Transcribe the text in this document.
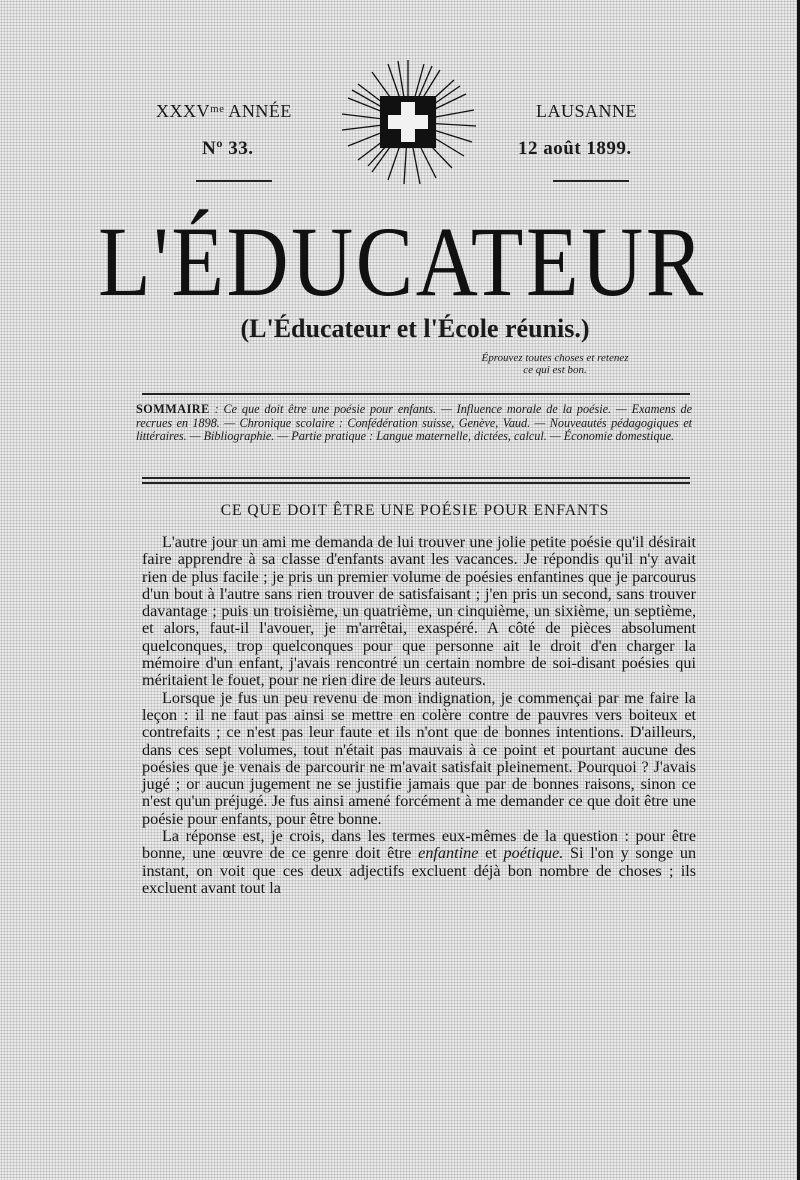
XXXVᵐᵉ ANNÉE
Nº 33.
LAUSANNE
12 août 1899.
L'ÉDUCATEUR
(L'Éducateur et l'École réunis.)
Éprouvez toutes choses et retenez
ce qui est bon.
SOMMAIRE : Ce que doit être une poésie pour enfants. — Influence morale de la poésie. — Examens de recrues en 1898. — Chronique scolaire : Confédération suisse, Genève, Vaud. — Nouveautés pédagogiques et littéraires. — Bibliographie. — Partie pratique : Langue maternelle, dictées, calcul. — Économie domestique.
CE QUE DOIT ÊTRE UNE POÉSIE POUR ENFANTS

L'autre jour un ami me demanda de lui trouver une jolie petite poésie qu'il désirait faire apprendre à sa classe d'enfants avant les vacances. Je répondis qu'il n'y avait rien de plus facile ; je pris un premier volume de poésies enfantines que je parcourus d'un bout à l'autre sans rien trouver de satisfaisant ; j'en pris un second, sans trouver davantage ; puis un troisième, un quatrième, un cinquième, un sixième, un septième, et alors, faut-il l'avouer, je m'arrêtai, exaspéré. A côté de pièces absolument quelconques, trop quelconques pour que personne ait le droit d'en charger la mémoire d'un enfant, j'avais rencontré un certain nombre de soi-disant poésies qui méritaient le fouet, pour ne rien dire de leurs auteurs.

Lorsque je fus un peu revenu de mon indignation, je commençai par me faire la leçon : il ne faut pas ainsi se mettre en colère contre de pauvres vers boiteux et contrefaits ; ce n'est pas leur faute et ils n'ont que de bonnes intentions. D'ailleurs, dans ces sept volumes, tout n'était pas mauvais à ce point et pourtant aucune des poésies que je venais de parcourir ne m'avait satisfait pleinement. Pourquoi ? J'avais jugé ; or aucun jugement ne se justifie jamais que par de bonnes raisons, sinon ce n'est qu'un préjugé. Je fus ainsi amené forcément à me demander ce que doit être une poésie pour enfants, pour être bonne.

La réponse est, je crois, dans les termes eux-mêmes de la question : pour être bonne, une œuvre de ce genre doit être enfantine et poétique. Si l'on y songe un instant, on voit que ces deux adjectifs excluent déjà bon nombre de choses ; ils excluent avant tout la
